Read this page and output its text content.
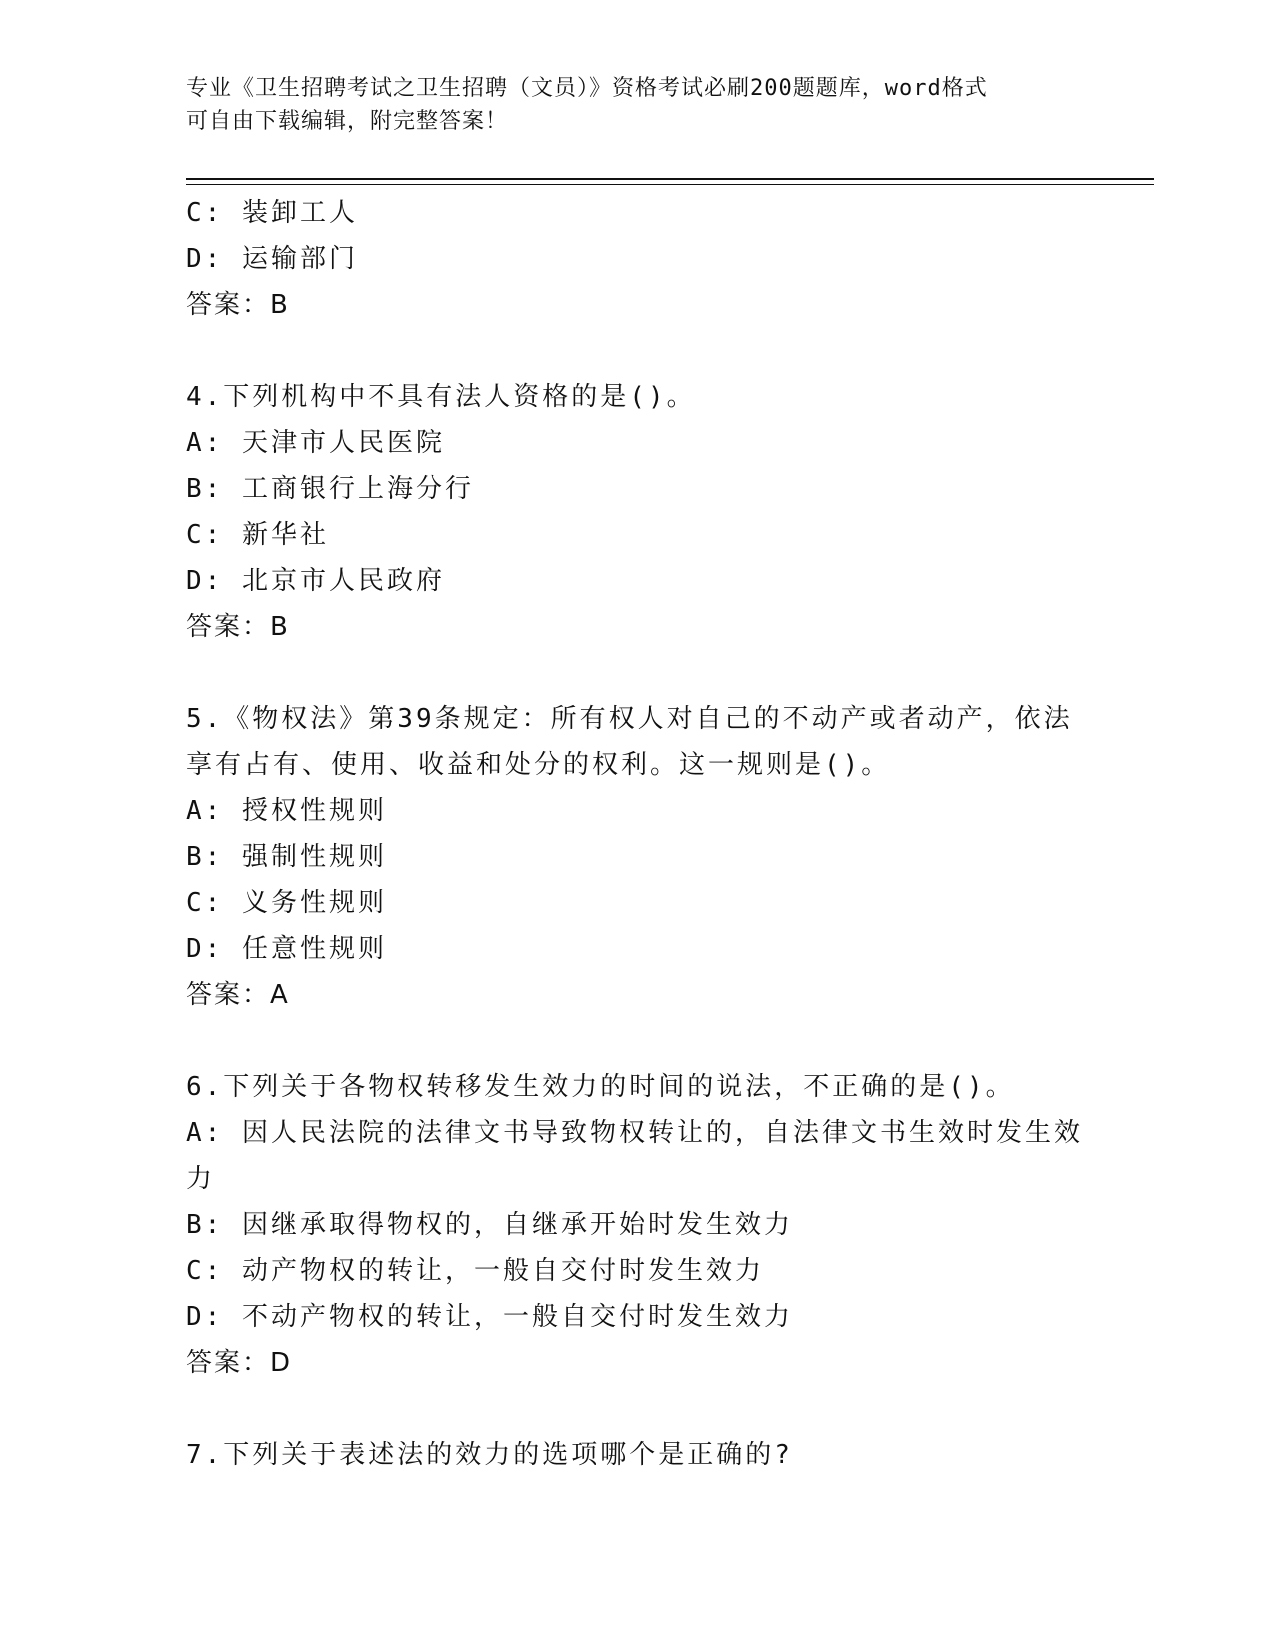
专业《卫生招聘考试之卫生招聘（文员）》资格考试必刷200题题库，word格式
可自由下载编辑，附完整答案！
C: 装卸工人
D: 运输部门
答案：B
4.下列机构中不具有法人资格的是()。
A: 天津市人民医院
B: 工商银行上海分行
C: 新华社
D: 北京市人民政府
答案：B
5.《物权法》第39条规定：所有权人对自己的不动产或者动产，依法
享有占有、使用、收益和处分的权利。这一规则是()。
A: 授权性规则
B: 强制性规则
C: 义务性规则
D: 任意性规则
答案：A
6.下列关于各物权转移发生效力的时间的说法，不正确的是()。
A: 因人民法院的法律文书导致物权转让的，自法律文书生效时发生效
力
B: 因继承取得物权的，自继承开始时发生效力
C: 动产物权的转让，一般自交付时发生效力
D: 不动产物权的转让，一般自交付时发生效力
答案：D
7.下列关于表述法的效力的选项哪个是正确的?
